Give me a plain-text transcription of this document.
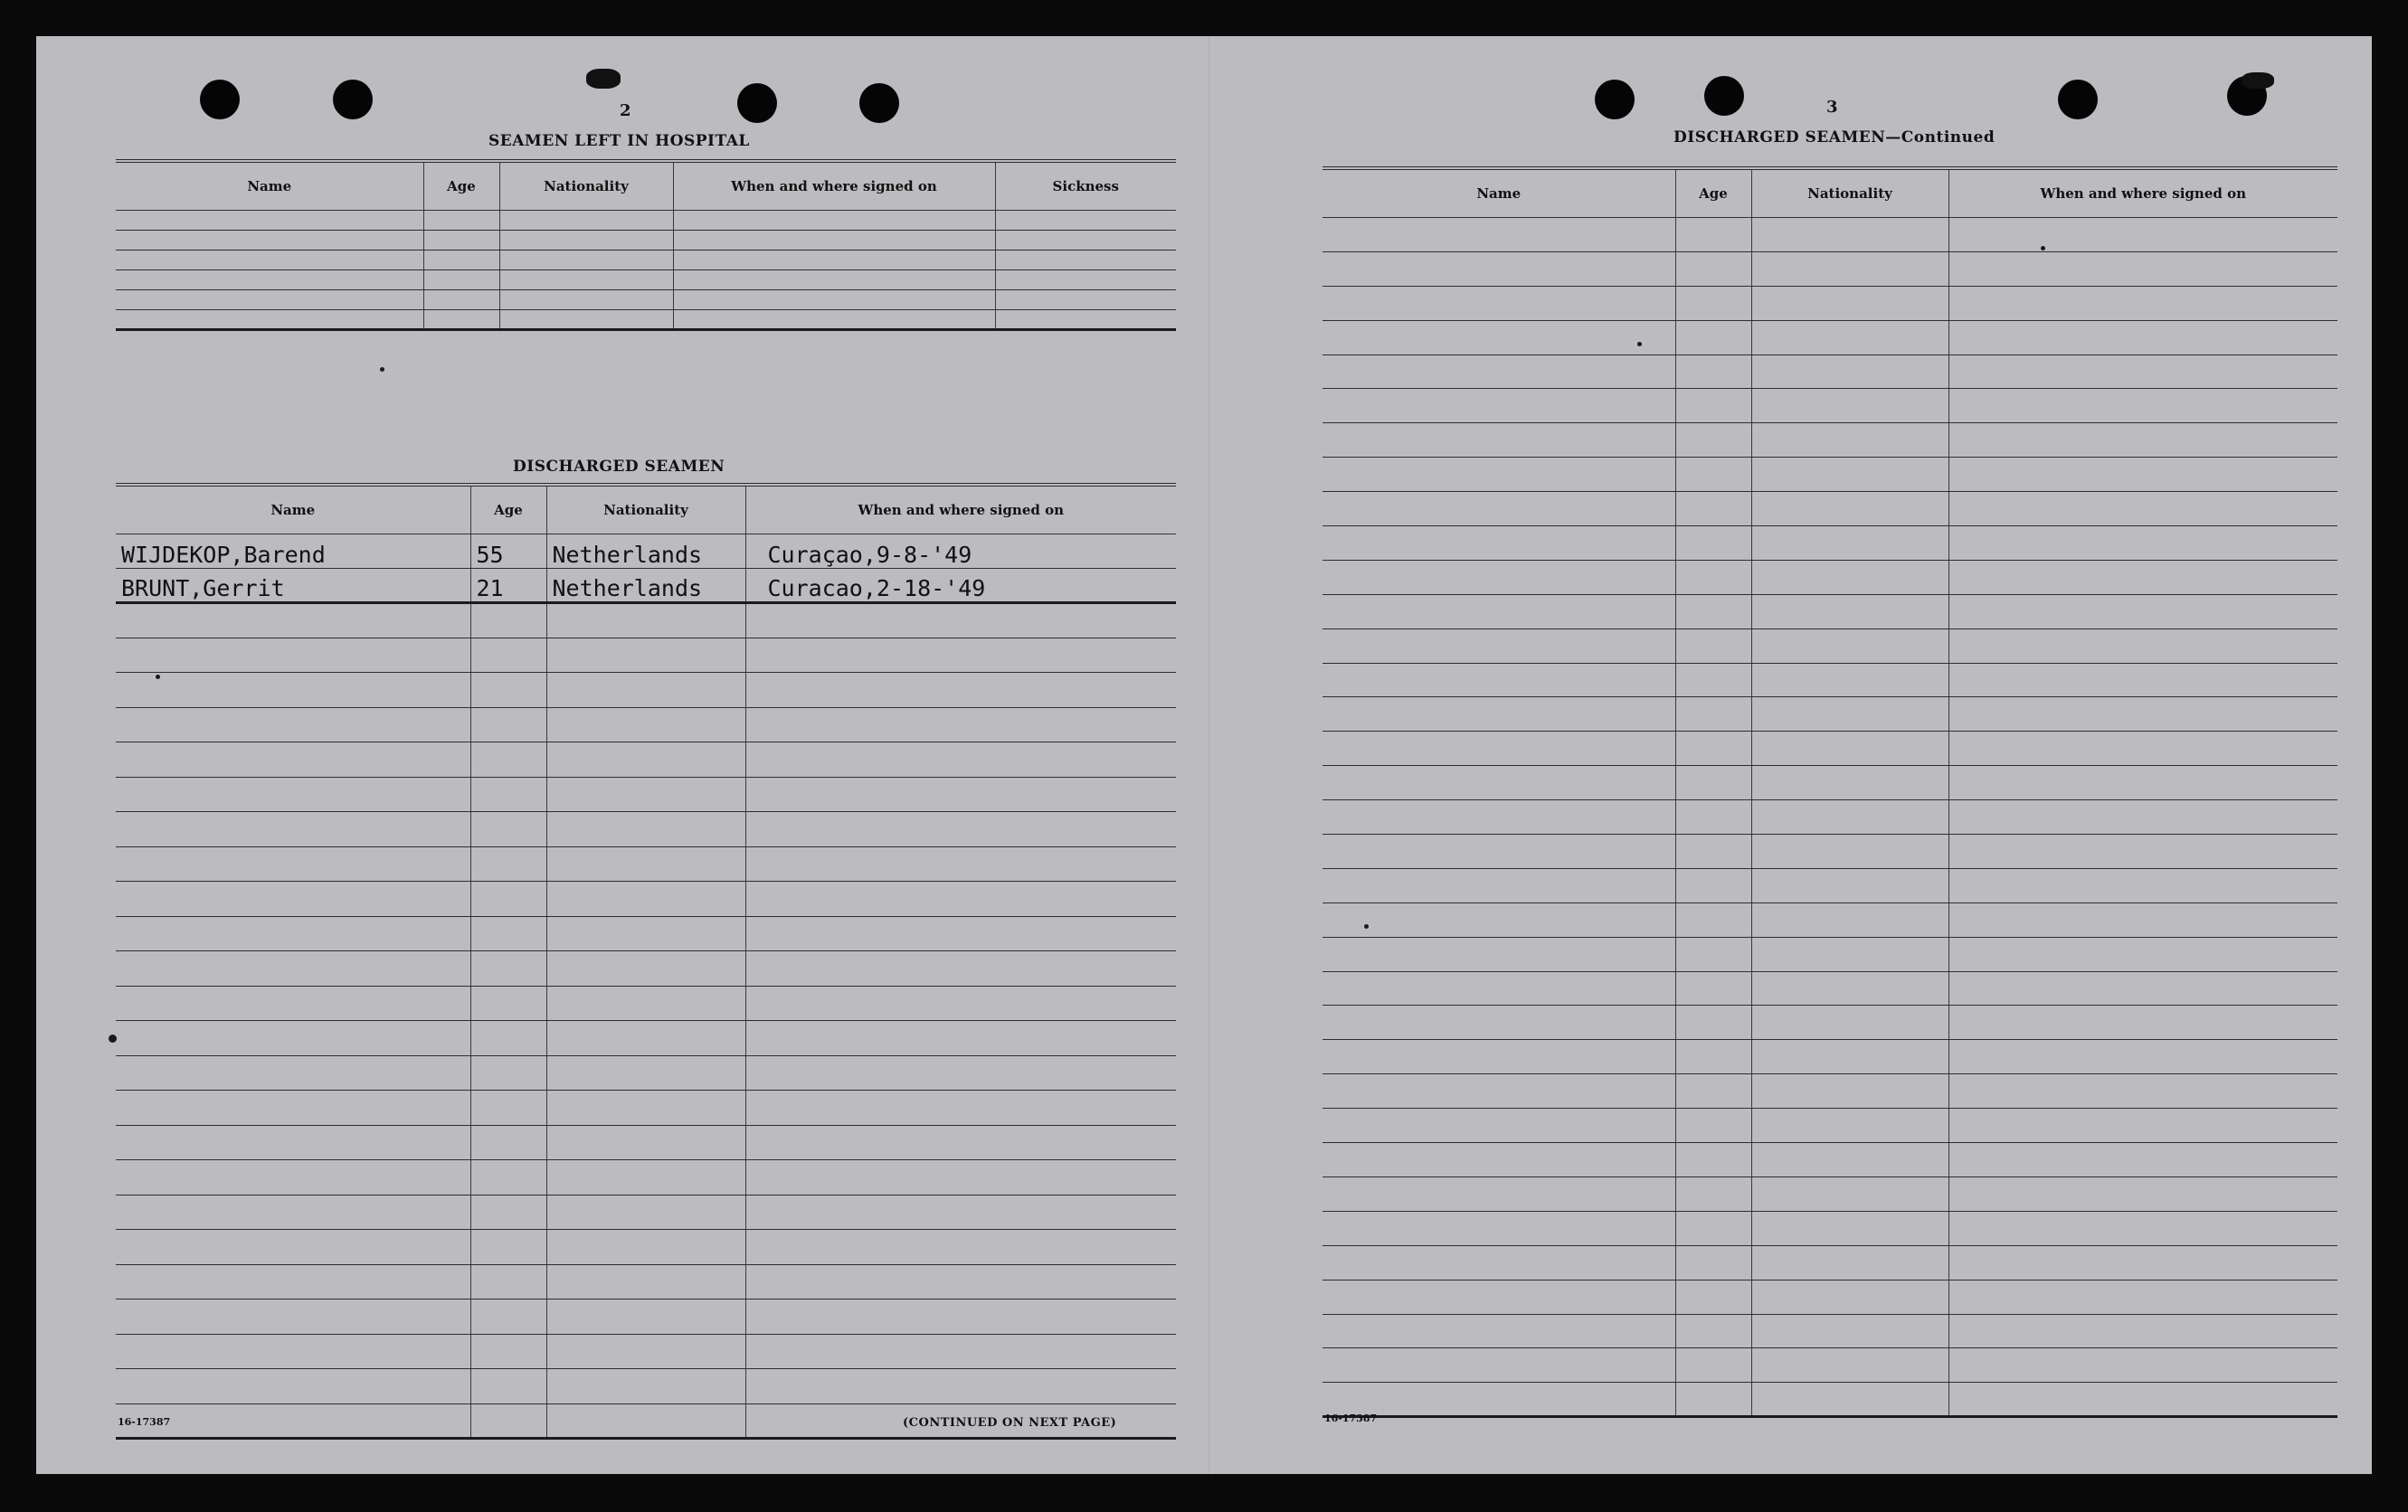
2
SEAMEN LEFT IN HOSPITAL
Name	Age	Nationality	When and where signed on	Sickness

DISCHARGED SEAMEN
Name	Age	Nationality	When and where signed on
WIJDEKOP,Barend	55	Netherlands	Curaçao,9-8-'49
BRUNT,Gerrit	21	Netherlands	Curacao,2-18-'49

16-17387	(CONTINUED ON NEXT PAGE)
3
DISCHARGED SEAMEN—Continued
Name	Age	Nationality	When and where signed on

16-17387
